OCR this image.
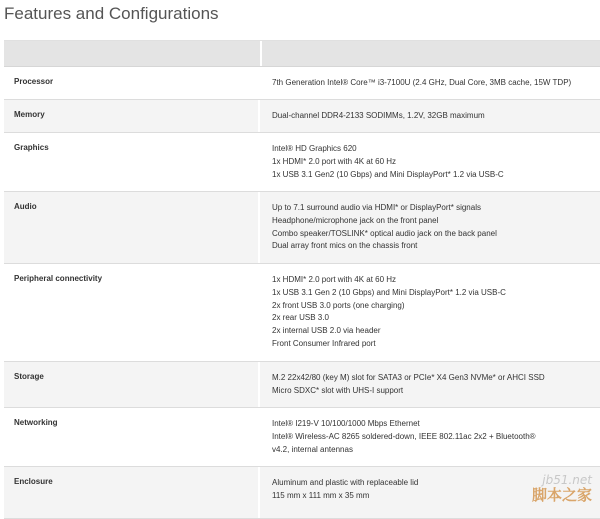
Features and Configurations
Processor	7th Generation Intel® Core™ i3-7100U (2.4 GHz, Dual Core, 3MB cache, 15W TDP)
Memory	Dual-channel DDR4-2133 SODIMMs, 1.2V, 32GB maximum
Graphics	Intel® HD Graphics 620
1x HDMI* 2.0 port with 4K at 60 Hz
1x USB 3.1 Gen2 (10 Gbps) and Mini DisplayPort* 1.2 via USB-C
Audio	Up to 7.1 surround audio via HDMI* or DisplayPort* signals
Headphone/microphone jack on the front panel
Combo speaker/TOSLINK* optical audio jack on the back panel
Dual array front mics on the chassis front
Peripheral connectivity	1x HDMI* 2.0 port with 4K at 60 Hz
1x USB 3.1 Gen 2 (10 Gbps) and Mini DisplayPort* 1.2 via USB-C
2x front USB 3.0 ports (one charging)
2x rear USB 3.0
2x internal USB 2.0 via header
Front Consumer Infrared port
Storage	M.2 22x42/80 (key M) slot for SATA3 or PCIe* X4 Gen3 NVMe* or AHCI SSD
Micro SDXC* slot with UHS-I support
Networking	Intel® I219-V 10/100/1000 Mbps Ethernet
Intel® Wireless-AC 8265 soldered-down, IEEE 802.11ac 2x2 + Bluetooth®
v4.2, internal antennas
Enclosure	Aluminum and plastic with replaceable lid
115 mm x 111 mm x 35 mm
jb51.net
脚本之家
